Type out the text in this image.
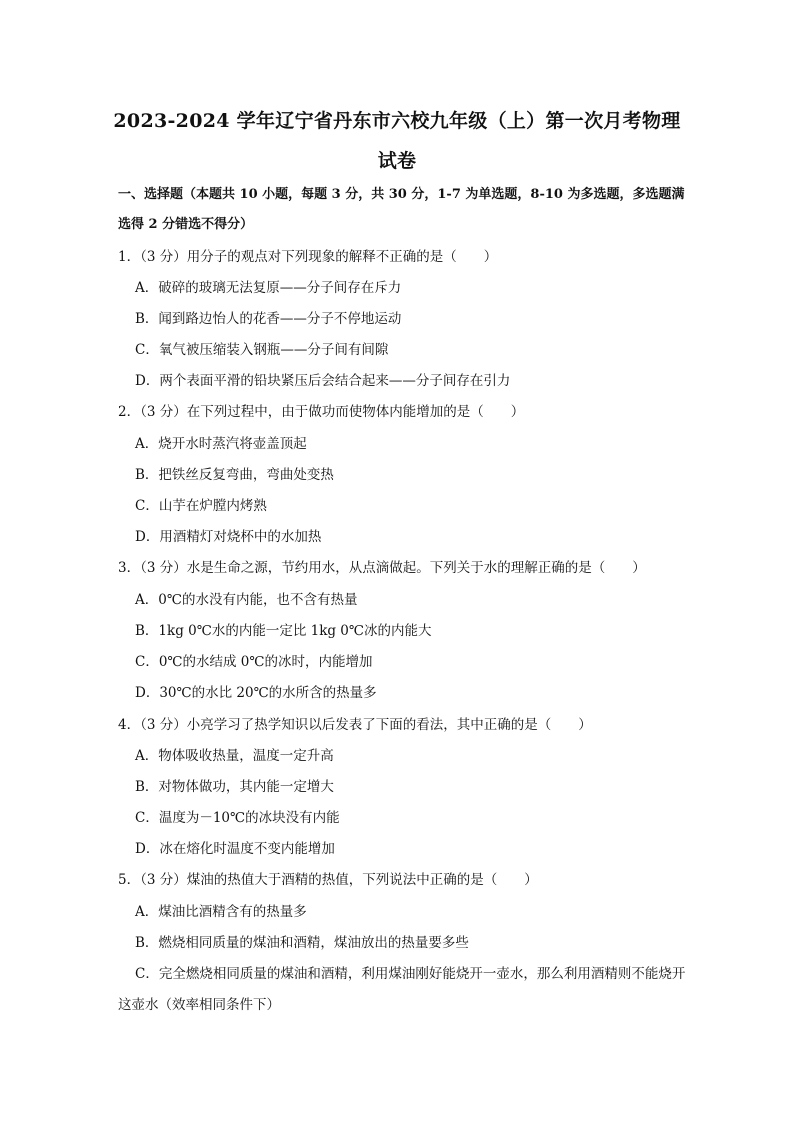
2023-2024 学年辽宁省丹东市六校九年级（上）第一次月考物理
试卷
一、选择题（本题共 10 小题，每题 3 分，共 30 分，1-7 为单选题，8-10 为多选题，多选题满选得 2 分错选不得分）
1．（3 分）用分子的观点对下列现象的解释不正确的是（　　）
A．破碎的玻璃无法复原——分子间存在斥力
B．闻到路边怡人的花香——分子不停地运动
C．氧气被压缩装入钢瓶——分子间有间隙
D．两个表面平滑的铅块紧压后会结合起来——分子间存在引力
2．（3 分）在下列过程中，由于做功而使物体内能增加的是（　　）
A．烧开水时蒸汽将壶盖顶起
B．把铁丝反复弯曲，弯曲处变热
C．山芋在炉膛内烤熟
D．用酒精灯对烧杯中的水加热
3．（3 分）水是生命之源，节约用水，从点滴做起。下列关于水的理解正确的是（　　）
A．0℃的水没有内能，也不含有热量
B．1kg 0℃水的内能一定比 1kg 0℃冰的内能大
C．0℃的水结成 0℃的冰时，内能增加
D．30℃的水比 20℃的水所含的热量多
4．（3 分）小亮学习了热学知识以后发表了下面的看法，其中正确的是（　　）
A．物体吸收热量，温度一定升高
B．对物体做功，其内能一定增大
C．温度为－10℃的冰块没有内能
D．冰在熔化时温度不变内能增加
5．（3 分）煤油的热值大于酒精的热值，下列说法中正确的是（　　）
A．煤油比酒精含有的热量多
B．燃烧相同质量的煤油和酒精，煤油放出的热量要多些
C．完全燃烧相同质量的煤油和酒精，利用煤油刚好能烧开一壶水，那么利用酒精则不能烧开这壶水（效率相同条件下）
